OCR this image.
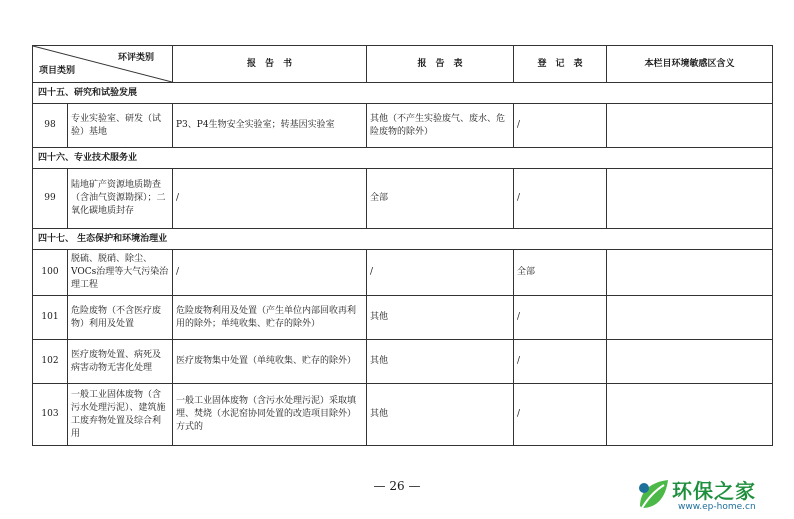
环评类别
项目类别		报　告　书	报　告　表	登　记　表	本栏目环境敏感区含义
四十五、研究和试验发展					
98	专业实验室、研发（试验）基地	P3、P4生物安全实验室；转基因实验室	其他（不产生实验废气、废水、危险废物的除外）	/	
四十六、专业技术服务业					
99	陆地矿产资源地质勘查（含油气资源勘探）；二氧化碳地质封存	/	全部	/	
四十七、 生态保护和环境治理业					
100	脱硫、脱硝、除尘、VOCs治理等大气污染治理工程	/	/	全部	
101	危险废物（不含医疗废物）利用及处置	危险废物利用及处置（产生单位内部回收再利用的除外；单纯收集、贮存的除外）	其他	/	
102	医疗废物处置、病死及病害动物无害化处理	医疗废物集中处置（单纯收集、贮存的除外）	其他	/	
103	一般工业固体废物（含污水处理污泥）、建筑施工废弃物处置及综合利用	一般工业固体废物（含污水处理污泥）采取填埋、焚烧（水泥窑协同处置的改造项目除外）方式的	其他	/	
— 26 —	环保之家
www.ep-home.cn
